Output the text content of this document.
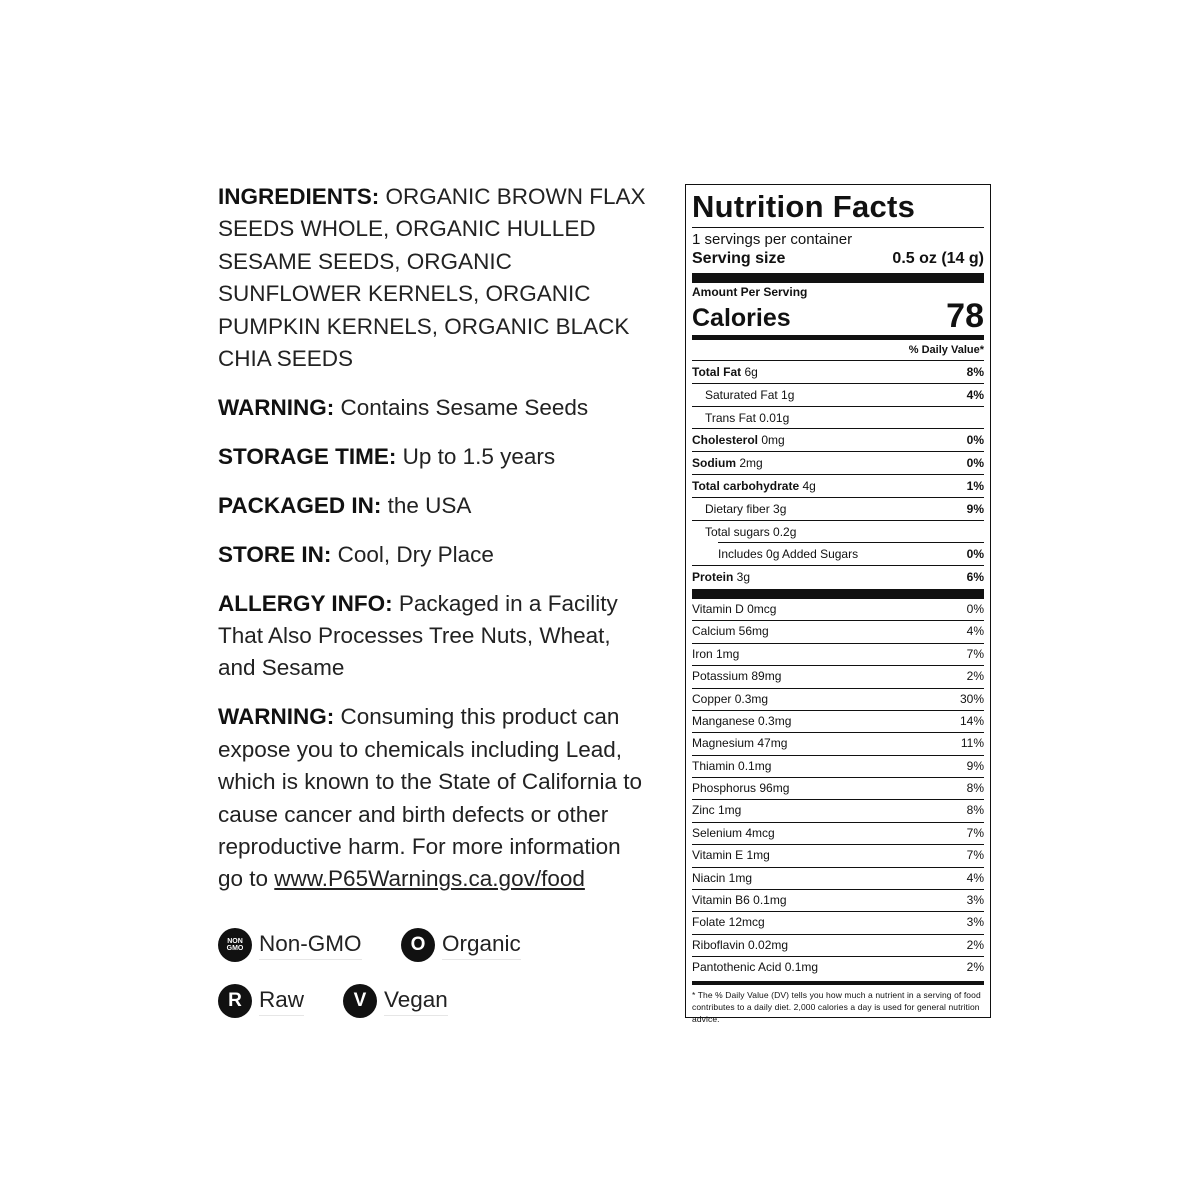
INGREDIENTS: ORGANIC BROWN FLAX SEEDS WHOLE, ORGANIC HULLED SESAME SEEDS, ORGANIC SUNFLOWER KERNELS, ORGANIC PUMPKIN KERNELS, ORGANIC BLACK CHIA SEEDS

WARNING: Contains Sesame Seeds

STORAGE TIME: Up to 1.5 years

PACKAGED IN: the USA

STORE IN: Cool, Dry Place

ALLERGY INFO: Packaged in a Facility That Also Processes Tree Nuts, Wheat, and Sesame

WARNING: Consuming this product can expose you to chemicals including Lead, which is known to the State of California to cause cancer and birth defects or other reproductive harm. For more information go to www.P65Warnings.ca.gov/food

NON
GMO Non-GMO	O Organic
R Raw	V Vegan
Nutrition Facts
1 servings per container
Serving size	0.5 oz (14 g)
Amount Per Serving
Calories	78
% Daily Value*
Total Fat 6g	8%
Saturated Fat 1g	4%
Trans Fat 0.01g
Cholesterol 0mg	0%
Sodium 2mg	0%
Total carbohydrate 4g	1%
Dietary fiber 3g	9%
Total sugars 0.2g
Includes 0g Added Sugars	0%
Protein 3g	6%
Vitamin D 0mcg	0%
Calcium 56mg	4%
Iron 1mg	7%
Potassium 89mg	2%
Copper 0.3mg	30%
Manganese 0.3mg	14%
Magnesium 47mg	11%
Thiamin 0.1mg	9%
Phosphorus 96mg	8%
Zinc 1mg	8%
Selenium 4mcg	7%
Vitamin E 1mg	7%
Niacin 1mg	4%
Vitamin B6 0.1mg	3%
Folate 12mcg	3%
Riboflavin 0.02mg	2%
Pantothenic Acid 0.1mg	2%
* The % Daily Value (DV) tells you how much a nutrient in a serving of food contributes to a daily diet. 2,000 calories a day is used for general nutrition advice.
